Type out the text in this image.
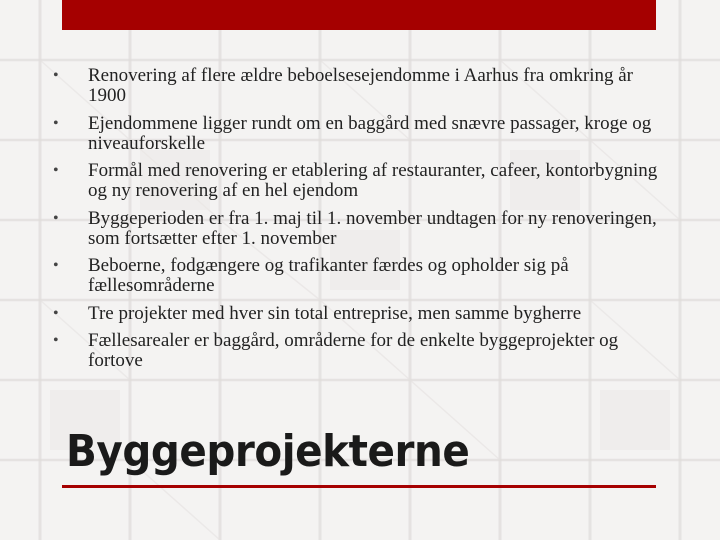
• Renovering af flere ældre beboelsesejendomme i Aarhus fra omkring år 1900
• Ejendommene ligger rundt om en baggård med snævre passager, kroge og niveauforskelle
• Formål med renovering er etablering af restauranter, cafeer, kontorbygning og ny renovering af en hel ejendom
• Byggeperioden er fra 1. maj til 1. november undtagen for ny renoveringen, som fortsætter efter 1. november
• Beboerne, fodgængere og trafikanter færdes og opholder sig på fællesområderne
• Tre projekter med hver sin total entreprise, men samme bygherre
• Fællesarealer er baggård, områderne for de enkelte byggeprojekter og fortove
Byggeprojekterne
